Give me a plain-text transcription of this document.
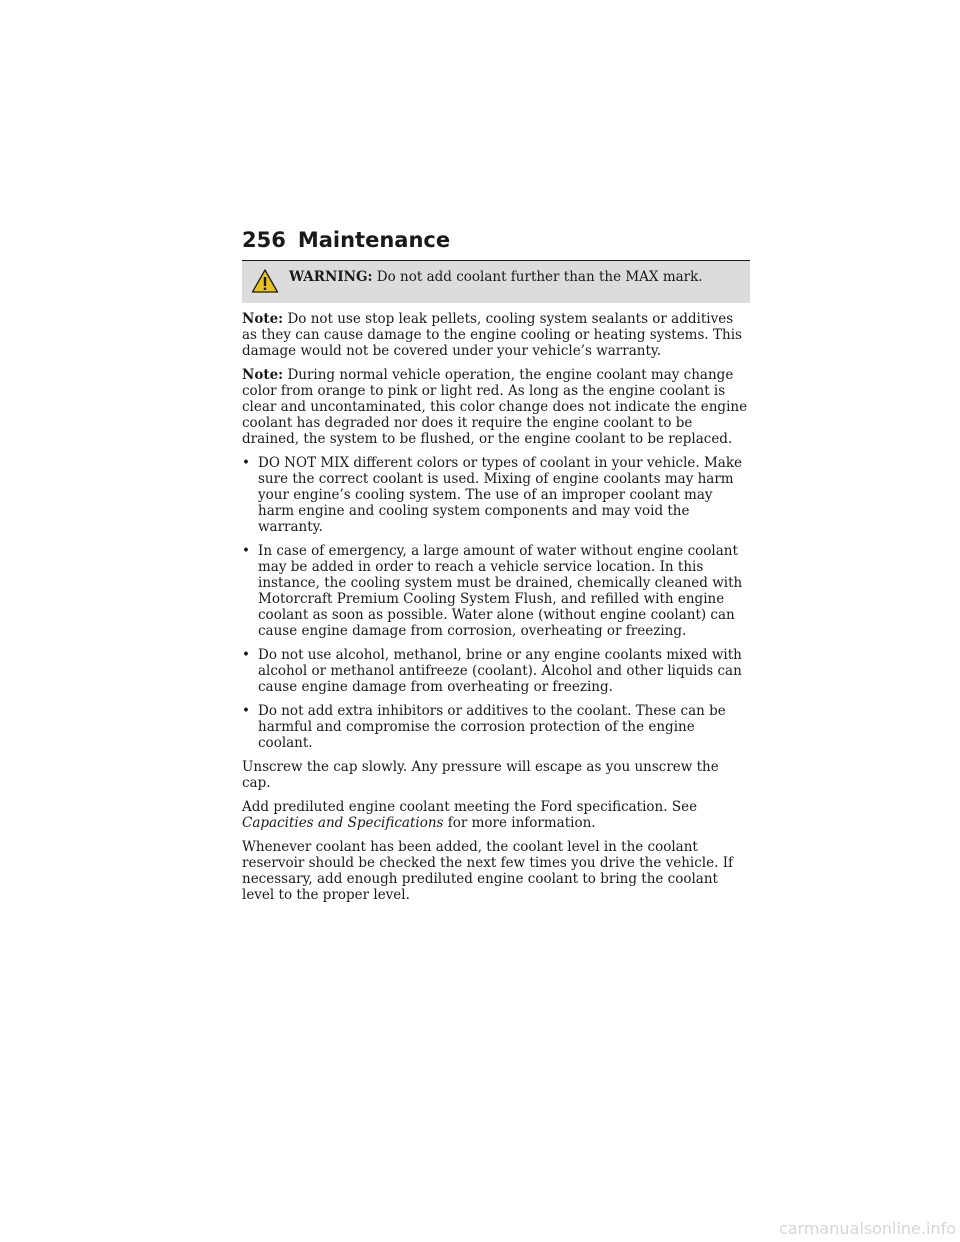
256 Maintenance
WARNING: Do not add coolant further than the MAX mark.

Note: Do not use stop leak pellets, cooling system sealants or additives as they can cause damage to the engine cooling or heating systems. This damage would not be covered under your vehicle’s warranty.

Note: During normal vehicle operation, the engine coolant may change color from orange to pink or light red. As long as the engine coolant is clear and uncontaminated, this color change does not indicate the engine coolant has degraded nor does it require the engine coolant to be drained, the system to be flushed, or the engine coolant to be replaced.

• DO NOT MIX different colors or types of coolant in your vehicle. Make sure the correct coolant is used. Mixing of engine coolants may harm your engine’s cooling system. The use of an improper coolant may harm engine and cooling system components and may void the warranty.
• In case of emergency, a large amount of water without engine coolant may be added in order to reach a vehicle service location. In this instance, the cooling system must be drained, chemically cleaned with Motorcraft Premium Cooling System Flush, and refilled with engine coolant as soon as possible. Water alone (without engine coolant) can cause engine damage from corrosion, overheating or freezing.
• Do not use alcohol, methanol, brine or any engine coolants mixed with alcohol or methanol antifreeze (coolant). Alcohol and other liquids can cause engine damage from overheating or freezing.
• Do not add extra inhibitors or additives to the coolant. These can be harmful and compromise the corrosion protection of the engine coolant.

Unscrew the cap slowly. Any pressure will escape as you unscrew the cap.

Add prediluted engine coolant meeting the Ford specification. See Capacities and Specifications for more information.

Whenever coolant has been added, the coolant level in the coolant reservoir should be checked the next few times you drive the vehicle. If necessary, add enough prediluted engine coolant to bring the coolant level to the proper level.

carmanualsonline.info
